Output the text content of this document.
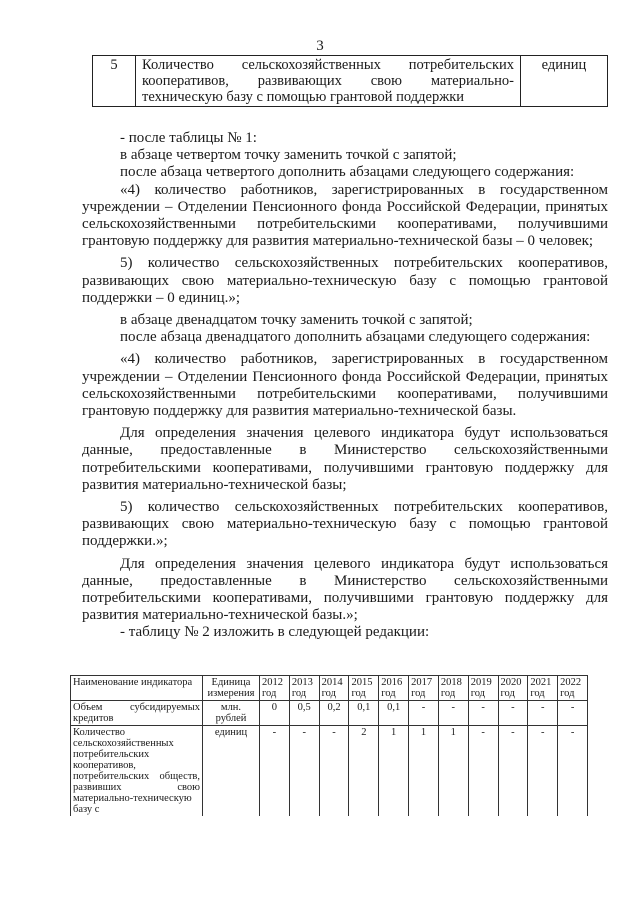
3
5	Количество сельскохозяйственных потребительских кооперативов, развивающих свою материально-техническую базу с помощью грантовой поддержки	единиц

- после таблицы № 1:

в абзаце четвертом точку заменить точкой с запятой;

после абзаца четвертого дополнить абзацами следующего содержания:

«4) количество работников, зарегистрированных в государственном учреждении – Отделении Пенсионного фонда Российской Федерации, принятых сельскохозяйственными потребительскими кооперативами, получившими грантовую поддержку для развития материально-технической базы – 0 человек;

5) количество сельскохозяйственных потребительских кооперативов, развивающих свою материально-техническую базу с помощью грантовой поддержки – 0 единиц.»;

в абзаце двенадцатом точку заменить точкой с запятой;

после абзаца двенадцатого дополнить абзацами следующего содержания:

«4) количество работников, зарегистрированных в государственном учреждении – Отделении Пенсионного фонда Российской Федерации, принятых сельскохозяйственными потребительскими кооперативами, получившими грантовую поддержку для развития материально-технической базы.

Для определения значения целевого индикатора будут использоваться данные, предоставленные в Министерство сельскохозяйственными потребительскими кооперативами, получившими грантовую поддержку для развития материально-технической базы;

5) количество сельскохозяйственных потребительских кооперативов, развивающих свою материально-техническую базу с помощью грантовой поддержки.»;

Для определения значения целевого индикатора будут использоваться данные, предоставленные в Министерство сельскохозяйственными потребительскими кооперативами, получившими грантовую поддержку для развития материально-технической базы.»;

- таблицу № 2 изложить в следующей редакции:

Наименование индикатора	Единица измерения	2012 год	2013 год	2014 год	2015 год	2016 год	2017 год	2018 год	2019 год	2020 год	2021 год	2022 год
Объем субсидируемых кредитов	млн. рублей	0	0,5	0,2	0,1	0,1	-	-	-	-	-	-
Количество сельскохозяйственных потребительских кооперативов, потребительских обществ, развивших свою материально-техническую базу с	единиц	-	-	-	2	1	1	1	-	-	-	-
